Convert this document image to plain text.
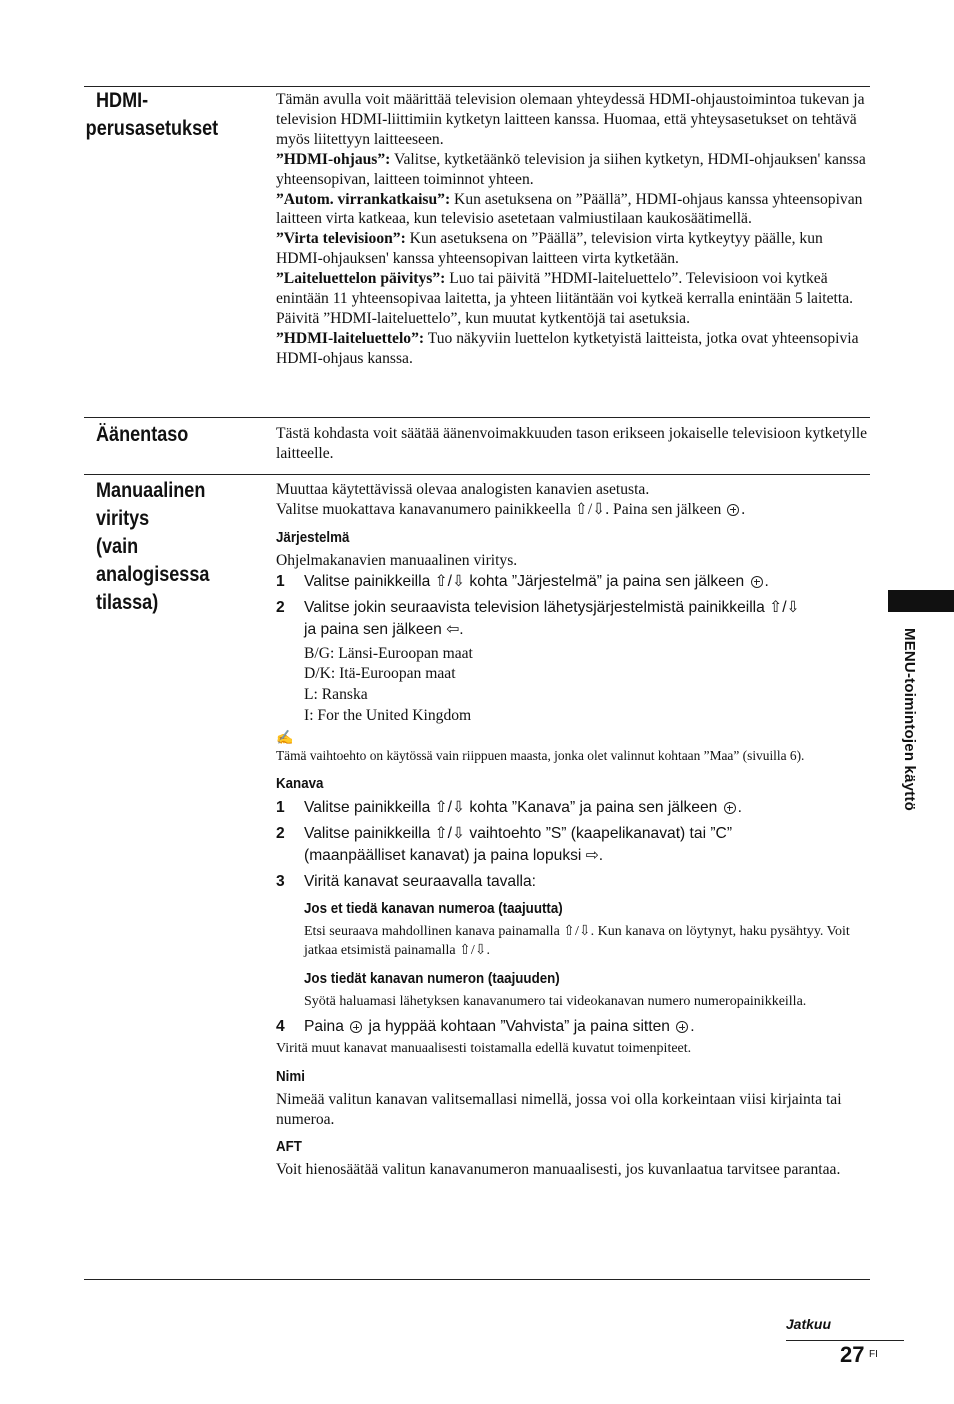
HDMI-
perusasetukset

Tämän avulla voit määrittää television olemaan yhteydessä HDMI-ohjaustoimintoa tukevan ja television HDMI-liittimiin kytketyn laitteen kanssa. Huomaa, että yhteysasetukset on tehtävä myös liitettyyn laitteeseen.

”HDMI-ohjaus”: Valitse, kytketäänkö television ja siihen kytketyn, HDMI-ohjauksen' kanssa yhteensopivan, laitteen toiminnot yhteen.

”Autom. virrankatkaisu”: Kun asetuksena on ”Päällä”, HDMI-ohjaus kanssa yhteensopivan laitteen virta katkeaa, kun televisio asetetaan valmiustilaan kaukosäätimellä.

”Virta televisioon”: Kun asetuksena on ”Päällä”, television virta kytkeytyy päälle, kun HDMI-ohjauksen' kanssa yhteensopivan laitteen virta kytketään.

”Laiteluettelon päivitys”: Luo tai päivitä ”HDMI-laiteluettelo”. Televisioon voi kytkeä enintään 11 yhteensopivaa laitetta, ja yhteen liitäntään voi kytkeä kerralla enintään 5 laitetta. Päivitä ”HDMI-laiteluettelo”, kun muutat kytkentöjä tai asetuksia.

”HDMI-laiteluettelo”: Tuo näkyviin luettelon kytketyistä laitteista, jotka ovat yhteensopivia HDMI-ohjaus kanssa.

Äänentaso	Tästä kohdasta voit säätää äänenvoimakkuuden tason erikseen jokaiselle televisioon kytketylle laitteelle.

Manuaalinen
viritys
(vain
analogisessa
tilassa)

Muuttaa käytettävissä olevaa analogisten kanavien asetusta.

Valitse muokattava kanavanumero painikkeella ⇧/⇩. Paina sen jälkeen .

Järjestelmä

Ohjelmakanavien manuaalinen viritys.

1 Valitse painikkeilla ⇧/⇩ kohta ”Järjestelmä” ja paina sen jälkeen .
2 Valitse jokin seuraavista television lähetysjärjestelmistä painikkeilla ⇧/⇩
ja paina sen jälkeen ⇦.

B/G: Länsi-Euroopan maat

D/K: Itä-Euroopan maat

L: Ranska

I: For the United Kingdom

✍

Tämä vaihtoehto on käytössä vain riippuen maasta, jonka olet valinnut kohtaan ”Maa” (sivuilla 6).

Kanava
1 Valitse painikkeilla ⇧/⇩ kohta ”Kanava” ja paina sen jälkeen .
2 Valitse painikkeilla ⇧/⇩ vaihtoehto ”S” (kaapelikanavat) tai ”C”
(maanpäälliset kanavat) ja paina lopuksi ⇨.
3 Viritä kanavat seuraavalla tavalla:
Jos et tiedä kanavan numeroa (taajuutta)

Etsi seuraava mahdollinen kanava painamalla ⇧/⇩. Kun kanava on löytynyt, haku pysähtyy. Voit jatkaa etsimistä painamalla ⇧/⇩.

Jos tiedät kanavan numeron (taajuuden)

Syötä haluamasi lähetyksen kanavanumero tai videokanavan numero numeropainikkeilla.

4 Paina  ja hyppää kohtaan ”Vahvista” ja paina sitten .

Viritä muut kanavat manuaalisesti toistamalla edellä kuvatut toimenpiteet.

Nimi

Nimeää valitun kanavan valitsemallasi nimellä, jossa voi olla korkeintaan viisi kirjainta tai numeroa.

AFT

Voit hienosäätää valitun kanavanumeron manuaalisesti, jos kuvanlaatua tarvitsee parantaa.

MENU-toimintojen käyttö
Jatkuu
27 FI
